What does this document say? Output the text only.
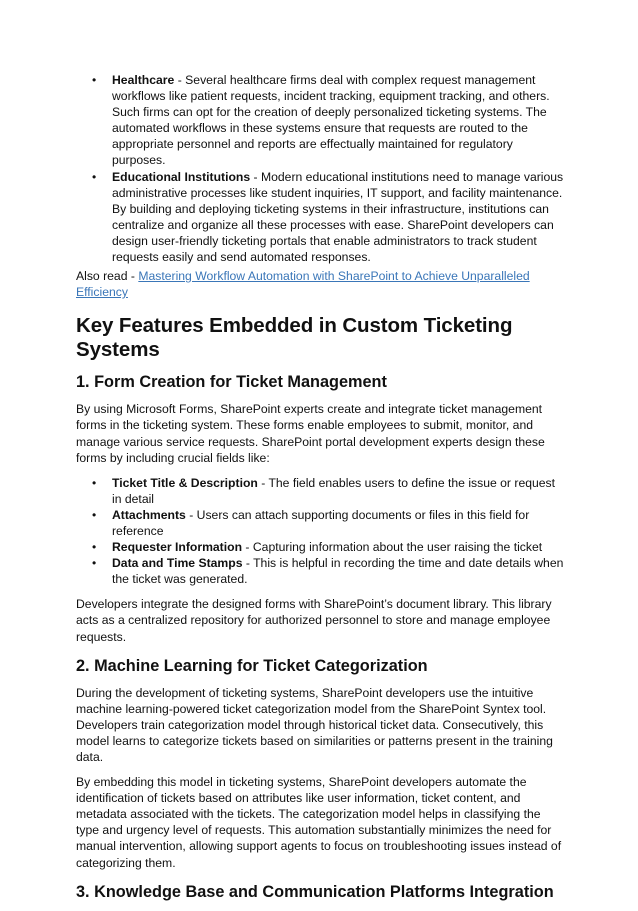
• Healthcare - Several healthcare firms deal with complex request management workflows like patient requests, incident tracking, equipment tracking, and others. Such firms can opt for the creation of deeply personalized ticketing systems. The automated workflows in these systems ensure that requests are routed to the appropriate personnel and reports are effectually maintained for regulatory purposes.
• Educational Institutions - Modern educational institutions need to manage various administrative processes like student inquiries, IT support, and facility maintenance. By building and deploying ticketing systems in their infrastructure, institutions can centralize and organize all these processes with ease. SharePoint developers can design user-friendly ticketing portals that enable administrators to track student requests easily and send automated responses.

Also read - Mastering Workflow Automation with SharePoint to Achieve Unparalleled Efficiency

Key Features Embedded in Custom Ticketing Systems
1. Form Creation for Ticket Management

By using Microsoft Forms, SharePoint experts create and integrate ticket management forms in the ticketing system. These forms enable employees to submit, monitor, and manage various service requests. SharePoint portal development experts design these forms by including crucial fields like:

• Ticket Title & Description - The field enables users to define the issue or request in detail
• Attachments - Users can attach supporting documents or files in this field for reference
• Requester Information - Capturing information about the user raising the ticket
• Data and Time Stamps - This is helpful in recording the time and date details when the ticket was generated.

Developers integrate the designed forms with SharePoint’s document library. This library acts as a centralized repository for authorized personnel to store and manage employee requests.

2. Machine Learning for Ticket Categorization

During the development of ticketing systems, SharePoint developers use the intuitive machine learning-powered ticket categorization model from the SharePoint Syntex tool. Developers train categorization model through historical ticket data. Consecutively, this model learns to categorize tickets based on similarities or patterns present in the training data.

By embedding this model in ticketing systems, SharePoint developers automate the identification of tickets based on attributes like user information, ticket content, and metadata associated with the tickets. The categorization model helps in classifying the type and urgency level of requests. This automation substantially minimizes the need for manual intervention, allowing support agents to focus on troubleshooting issues instead of categorizing them.

3. Knowledge Base and Communication Platforms Integration
